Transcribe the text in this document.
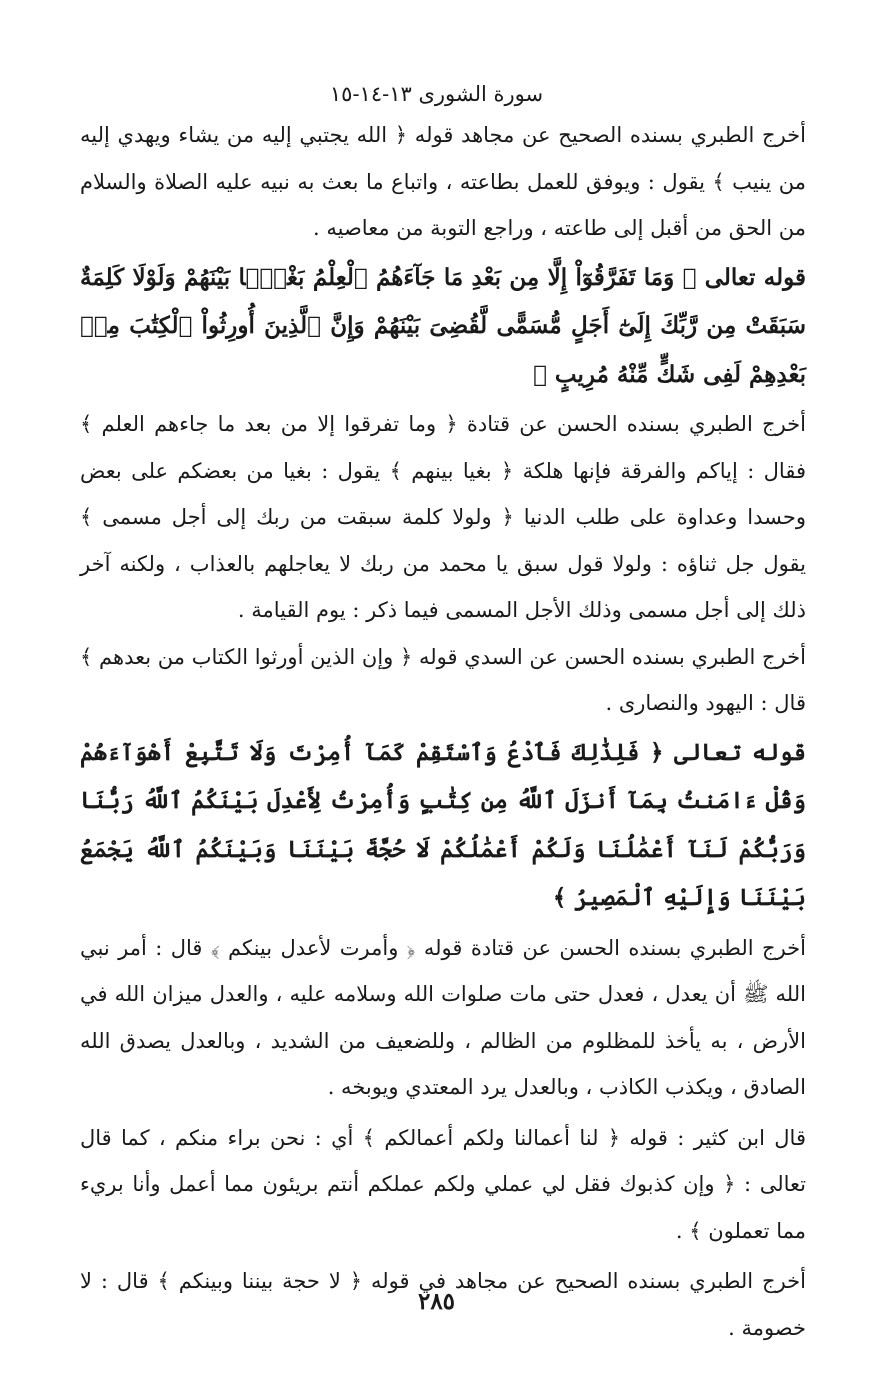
سورة الشورى ١٣-١٤-١٥

أخرج الطبري بسنده الصحيح عن مجاهد قوله ﴿ الله يجتبي إليه من يشاء ويهدي إليه من ينيب ﴾ يقول : ويوفق للعمل بطاعته ، واتباع ما بعث به نبيه عليه الصلاة والسلام من الحق من أقبل إلى طاعته ، وراجع التوبة من معاصيه .

قوله تعالى ﴿ وَمَا تَفَرَّقُوٓاْ إِلَّا مِن بَعْدِ مَا جَآءَهُمُ ٱلْعِلْمُ بَغْيًۢا بَيْنَهُمْ وَلَوْلَا كَلِمَةٌ سَبَقَتْ مِن رَّبِّكَ إِلَىٰٓ أَجَلٍ مُّسَمًّى لَّقُضِىَ بَيْنَهُمْ وَإِنَّ ٱلَّذِينَ أُورِثُواْ ٱلْكِتَٰبَ مِنۢ بَعْدِهِمْ لَفِى شَكٍّ مِّنْهُ مُرِيبٍ ﴾

أخرج الطبري بسنده الحسن عن قتادة ﴿ وما تفرقوا إلا من بعد ما جاءهم العلم ﴾ فقال : إياكم والفرقة فإنها هلكة ﴿ بغيا بينهم ﴾ يقول : بغيا من بعضكم على بعض وحسدا وعداوة على طلب الدنيا ﴿ ولولا كلمة سبقت من ربك إلى أجل مسمى ﴾ يقول جل ثناؤه : ولولا قول سبق يا محمد من ربك لا يعاجلهم بالعذاب ، ولكنه آخر ذلك إلى أجل مسمى وذلك الأجل المسمى فيما ذكر : يوم القيامة .

أخرج الطبري بسنده الحسن عن السدي قوله ﴿ وإن الذين أورثوا الكتاب من بعدهم ﴾ قال : اليهود والنصارى .

قوله تعالى ﴿ فَلِذَٰلِكَ فَٱدْعُ وَٱسْتَقِمْ كَمَآ أُمِرْتَ وَلَا تَتَّبِعْ أَهْوَآءَهُمْ وَقُلْ ءَامَنتُ بِمَآ أَنزَلَ ٱللَّهُ مِن كِتَٰبٍ وَأُمِرْتُ لِأَعْدِلَ بَيْنَكُمُ ٱللَّهُ رَبُّنَا وَرَبُّكُمْ لَنَآ أَعْمَٰلُنَا وَلَكُمْ أَعْمَٰلُكُمْ لَا حُجَّةَ بَيْنَنَا وَبَيْنَكُمُ ٱللَّهُ يَجْمَعُ بَيْنَنَا وَإِلَيْهِ ٱلْمَصِيرُ ﴾

أخرج الطبري بسنده الحسن عن قتادة قوله ﴿ وأمرت لأعدل بينكم ﴾ قال : أمر نبي الله ﷺ أن يعدل ، فعدل حتى مات صلوات الله وسلامه عليه ، والعدل ميزان الله في الأرض ، به يأخذ للمظلوم من الظالم ، وللضعيف من الشديد ، وبالعدل يصدق الله الصادق ، ويكذب الكاذب ، وبالعدل يرد المعتدي ويوبخه .

قال ابن كثير : قوله ﴿ لنا أعمالنا ولكم أعمالكم ﴾ أي : نحن براء منكم ، كما قال تعالى : ﴿ وإن كذبوك فقل لي عملي ولكم عملكم أنتم بريئون مما أعمل وأنا بريء مما تعملون ﴾ .

أخرج الطبري بسنده الصحيح عن مجاهد في قوله ﴿ لا حجة بيننا وبينكم ﴾ قال : لا خصومة .

٢٨٥
